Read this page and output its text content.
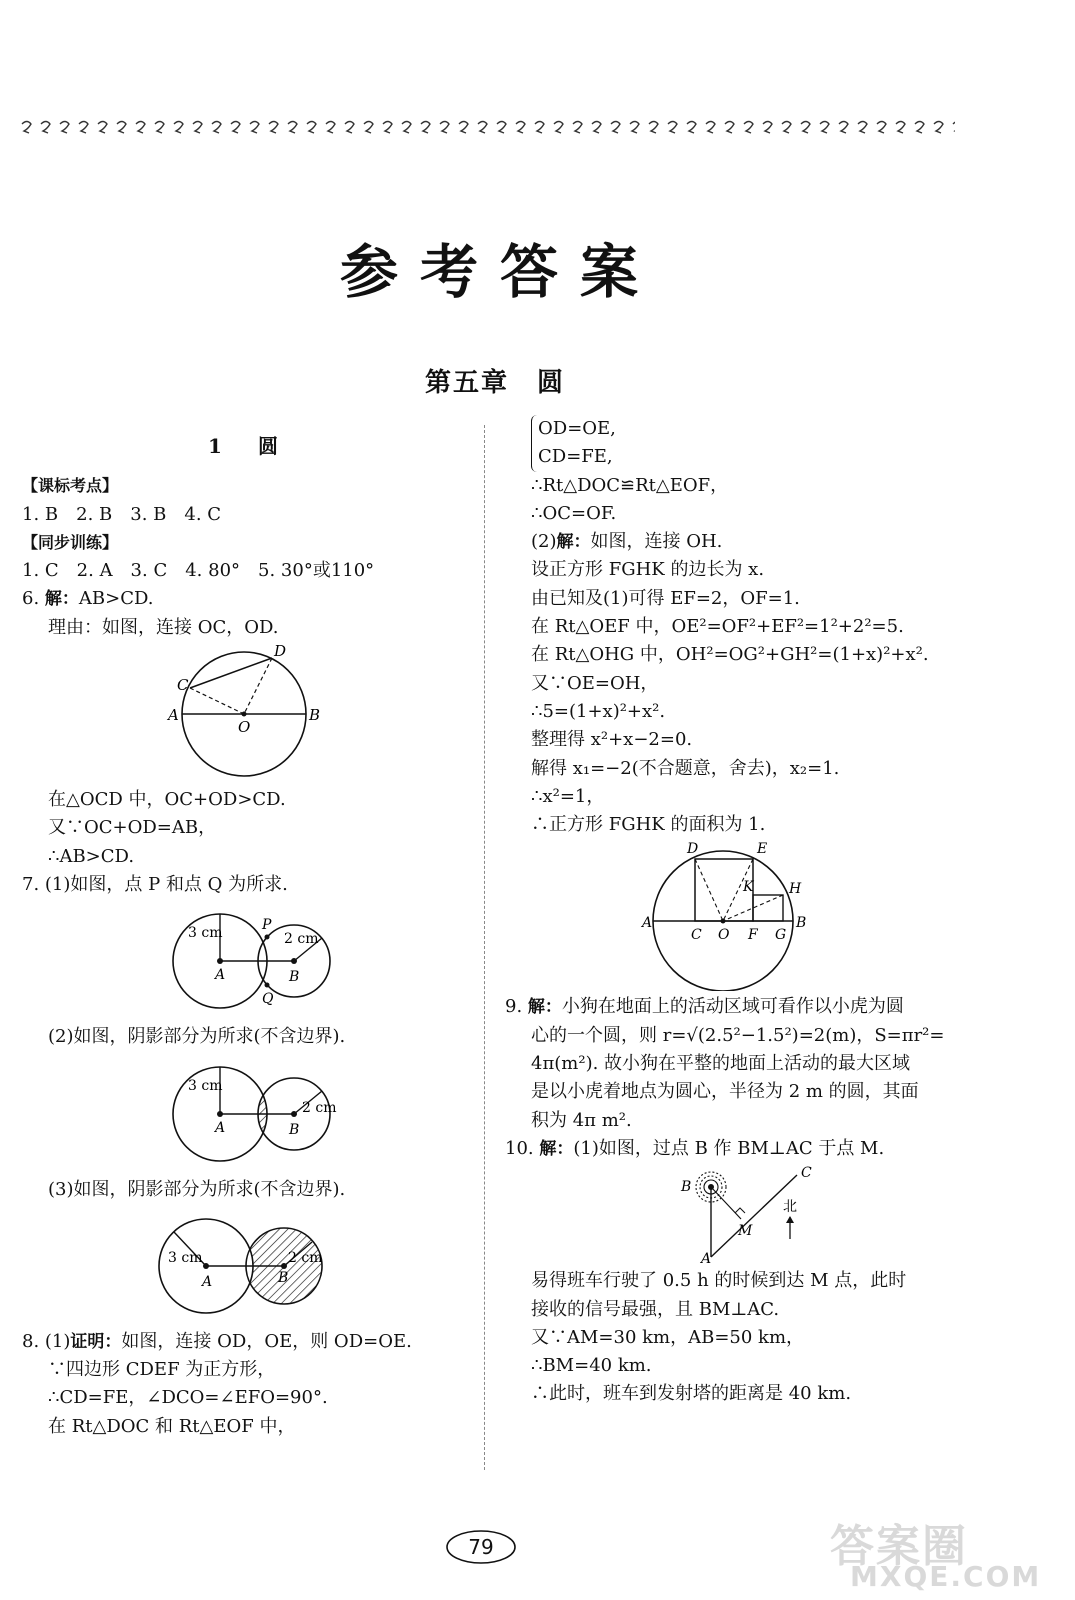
参考答案
第五章　圆
1　圆
【课标考点】
1. B　2. B　3. B　4. C
【同步训练】
1. C　2. A　3. C　4. 80°　5. 30°或110°
6. 解：AB>CD.
理由：如图，连接 OC，OD.
C
D
A
O
B
在△OCD 中，OC+OD>CD.
又∵OC+OD=AB，
∴AB>CD.
7. (1)如图，点 P 和点 Q 为所求.
3 cm	2 cm
A	B
P
Q
(2)如图，阴影部分为所求(不含边界).
3 cm
2 cm
A	B
(3)如图，阴影部分为所求(不含边界).
3 cm	2 cm
A	B
8. (1)证明：如图，连接 OD，OE，则 OD=OE.
∵四边形 CDEF 为正方形，
∴CD=FE，∠DCO=∠EFO=90°.
在 Rt△DOC 和 Rt△EOF 中，
OD=OE,
CD=FE,
∴Rt△DOC≌Rt△EOF，
∴OC=OF.
(2)解：如图，连接 OH.
设正方形 FGHK 的边长为 x.
由已知及(1)可得 EF=2，OF=1.
在 Rt△OEF 中，OE²=OF²+EF²=1²+2²=5.
在 Rt△OHG 中，OH²=OG²+GH²=(1+x)²+x².
又∵OE=OH，
∴5=(1+x)²+x².
整理得 x²+x−2=0.
解得 x₁=−2(不合题意，舍去)，x₂=1.
∴x²=1，
∴正方形 FGHK 的面积为 1.
D	E
K	H
A
C O F G
B
9. 解：小狗在地面上的活动区域可看作以小虎为圆
心的一个圆，则 r=√(2.5²−1.5²)=2(m)，S=πr²=
4π(m²). 故小狗在平整的地面上活动的最大区域
是以小虎着地点为圆心，半径为 2 m 的圆，其面
积为 4π m².
10. 解：(1)如图，过点 B 作 BM⊥AC 于点 M.
B
C
M
A
北
易得班车行驶了 0.5 h 的时候到达 M 点，此时
接收的信号最强，且 BM⊥AC.
又∵AM=30 km，AB=50 km，
∴BM=40 km.
∴此时，班车到发射塔的距离是 40 km.
79	答案圈
MXQE.COM
